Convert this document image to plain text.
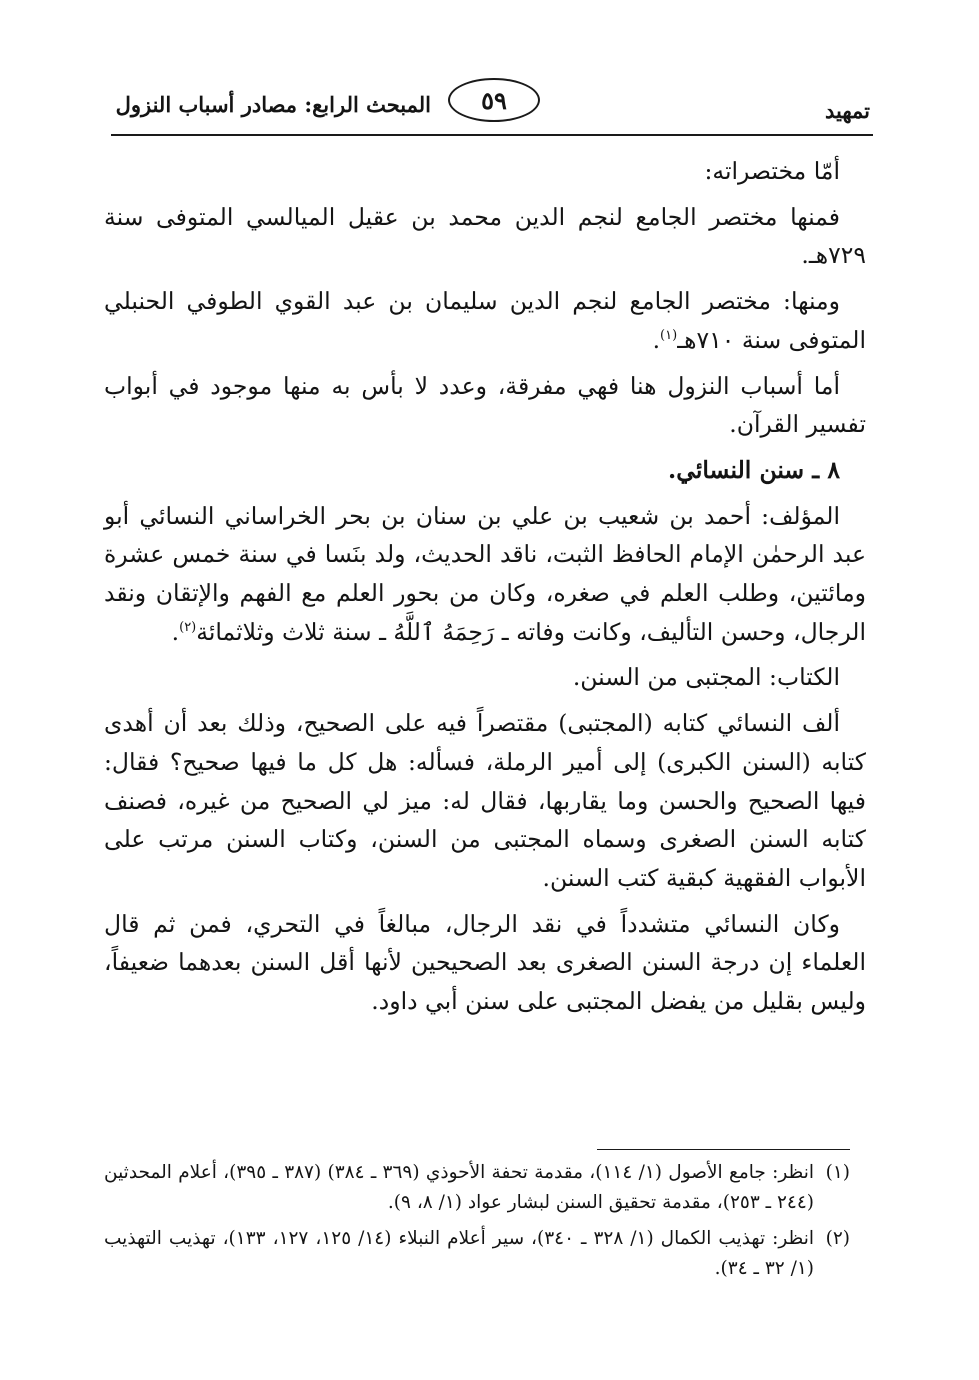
المبحث الرابع: مصادر أسباب النزول	٥٩	تمهيد

أمّا مختصراته:

فمنها مختصر الجامع لنجم الدين محمد بن عقيل الميالسي المتوفى سنة ٧٢٩هـ.

ومنها: مختصر الجامع لنجم الدين سليمان بن عبد القوي الطوفي الحنبلي المتوفى سنة ٧١٠هـ$^{(١)}$.

أما أسباب النزول هنا فهي مفرقة، وعدد لا بأس به منها موجود في أبواب تفسير القرآن.

٨ ـ سنن النسائي.

المؤلف: أحمد بن شعيب بن علي بن سنان بن بحر الخراساني النسائي أبو عبد الرحمٰن الإمام الحافظ الثبت، ناقد الحديث، ولد بنَسا في سنة خمس عشرة ومائتين، وطلب العلم في صغره، وكان من بحور العلم مع الفهم والإتقان ونقد الرجال، وحسن التأليف، وكانت وفاته ـ رَحِمَهُ ٱللَّهُ ـ سنة ثلاث وثلاثمائة$^{(٢)}$.

الكتاب: المجتبى من السنن.

ألف النسائي كتابه (المجتبى) مقتصراً فيه على الصحيح، وذلك بعد أن أهدى كتابه (السنن الكبرى) إلى أمير الرملة، فسأله: هل كل ما فيها صحيح؟ فقال: فيها الصحيح والحسن وما يقاربها، فقال له: ميز لي الصحيح من غيره، فصنف كتابه السنن الصغرى وسماه المجتبى من السنن، وكتاب السنن مرتب على الأبواب الفقهية كبقية كتب السنن.

وكان النسائي متشدداً في نقد الرجال، مبالغاً في التحري، فمن ثم قال العلماء إن درجة السنن الصغرى بعد الصحيحين لأنها أقل السنن بعدهما ضعيفاً، وليس بقليل من يفضل المجتبى على سنن أبي داود.

(١)
انظر: جامع الأصول (١/ ١١٤)، مقدمة تحفة الأحوذي (٣٦٩ ـ ٣٨٤) (٣٨٧ ـ ٣٩٥)، أعلام المحدثين (٢٤٤ ـ ٢٥٣)، مقدمة تحقيق السنن لبشار عواد (١/ ٨، ٩).
(٢)
انظر: تهذيب الكمال (١/ ٣٢٨ ـ ٣٤٠)، سير أعلام النبلاء (١٤/ ١٢٥، ١٢٧، ١٣٣)، تهذيب التهذيب (١/ ٣٢ ـ ٣٤).
